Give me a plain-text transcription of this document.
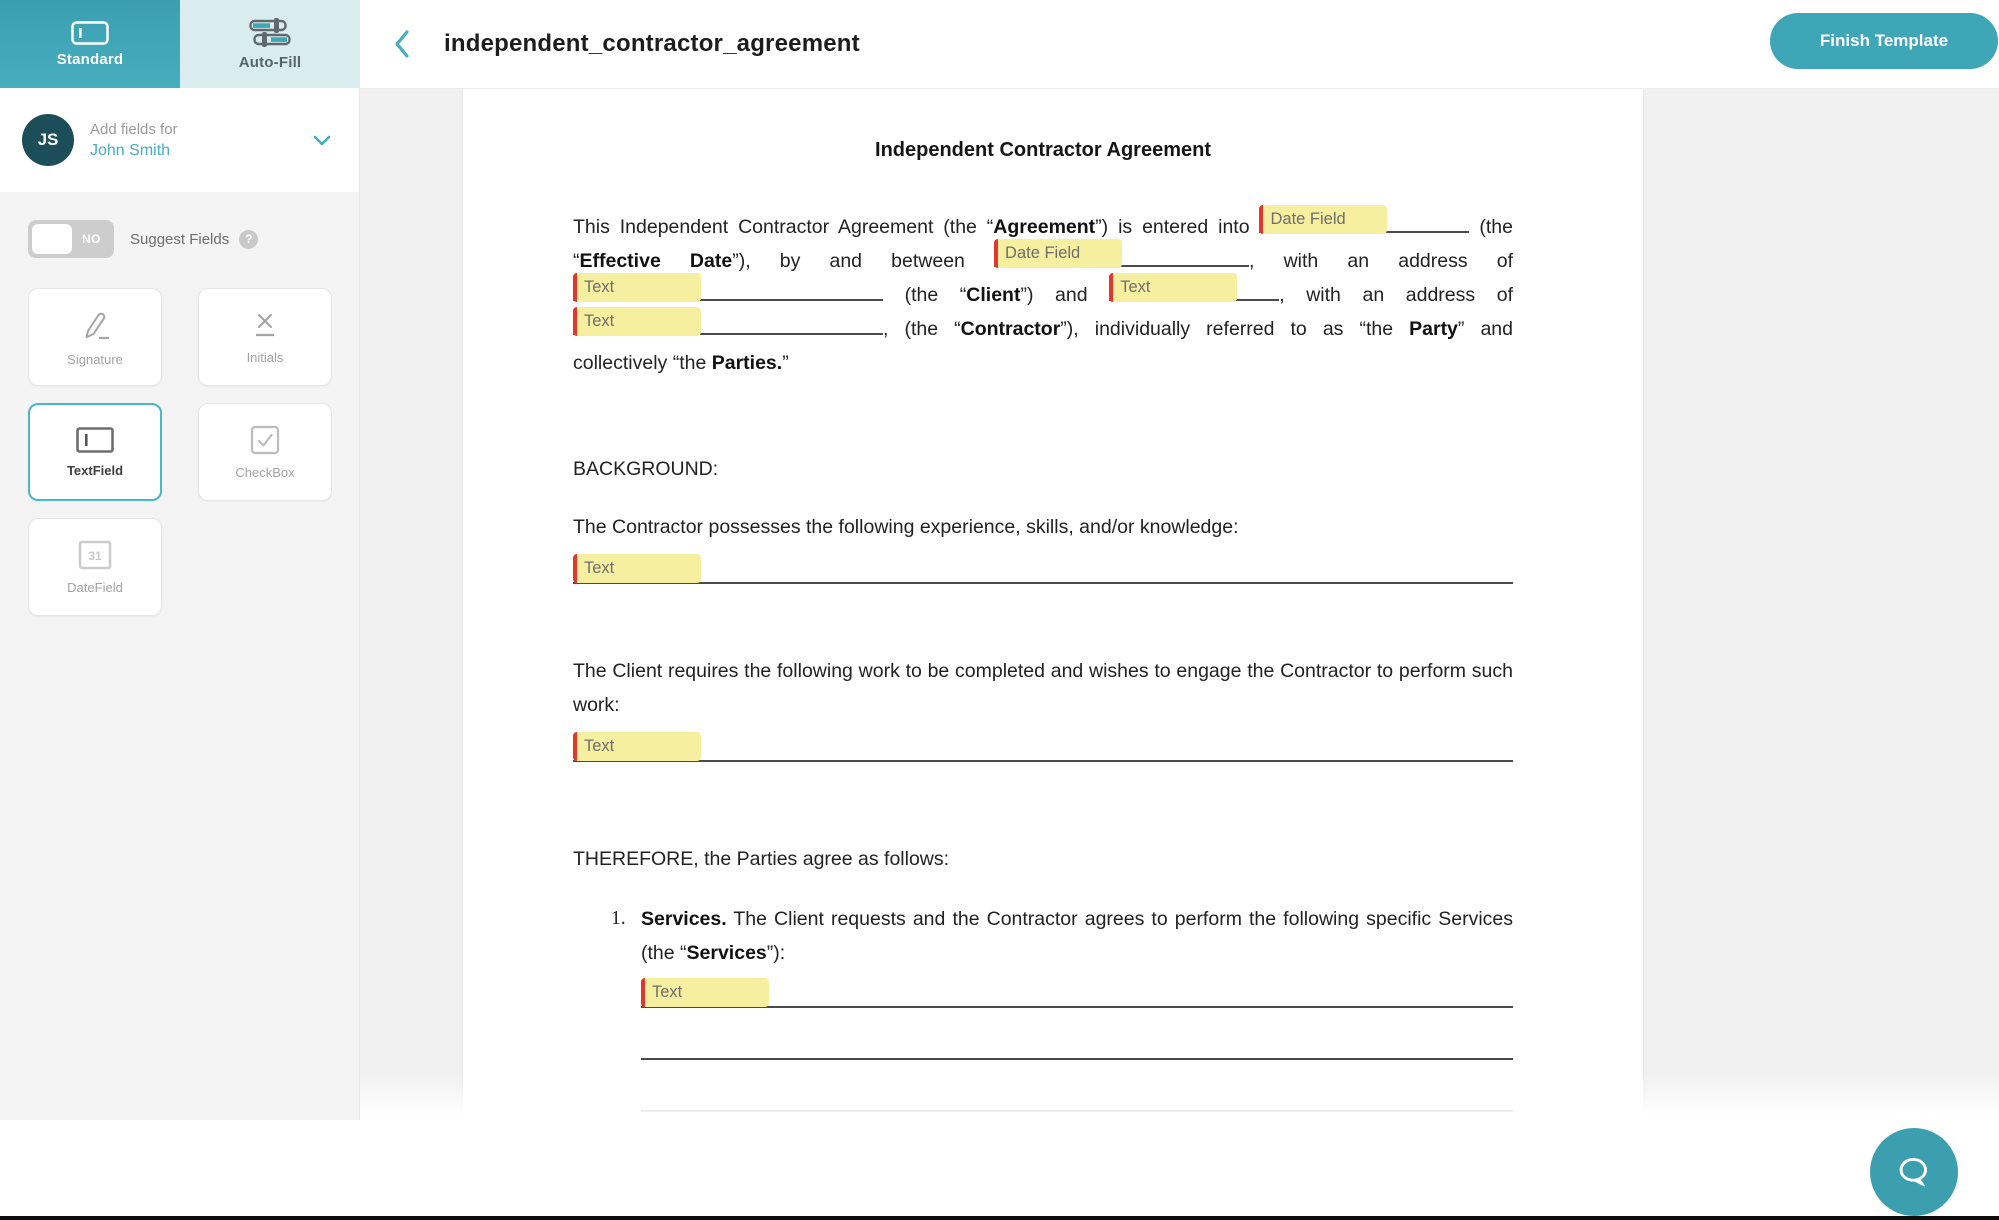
Standard	Auto-Fill
independent_contractor_agreement	Finish Template
JS
Add fields for
John Smith
NO Suggest Fields	?
Signature	Initials
TextField	CheckBox
31
DateField
Independent Contractor Agreement

This Independent Contractor Agreement (the “Agreement”) is entered into Date Field	(the “Effective Date”), by and between Date Field	, with an address of
Text	(the “Client”) and Text	, with an address of
Text	, (the “Contractor”), individually referred to as “the Party” and collectively “the Parties.”

BACKGROUND:

The Contractor possesses the following experience, skills, and/or knowledge:

Text

The Client requires the following work to be completed and wishes to engage the Contractor to perform such work:

Text

THEREFORE, the Parties agree as follows:

1. Services. The Client requests and the Contractor agrees to perform the following specific Services (the “Services”):

Text
